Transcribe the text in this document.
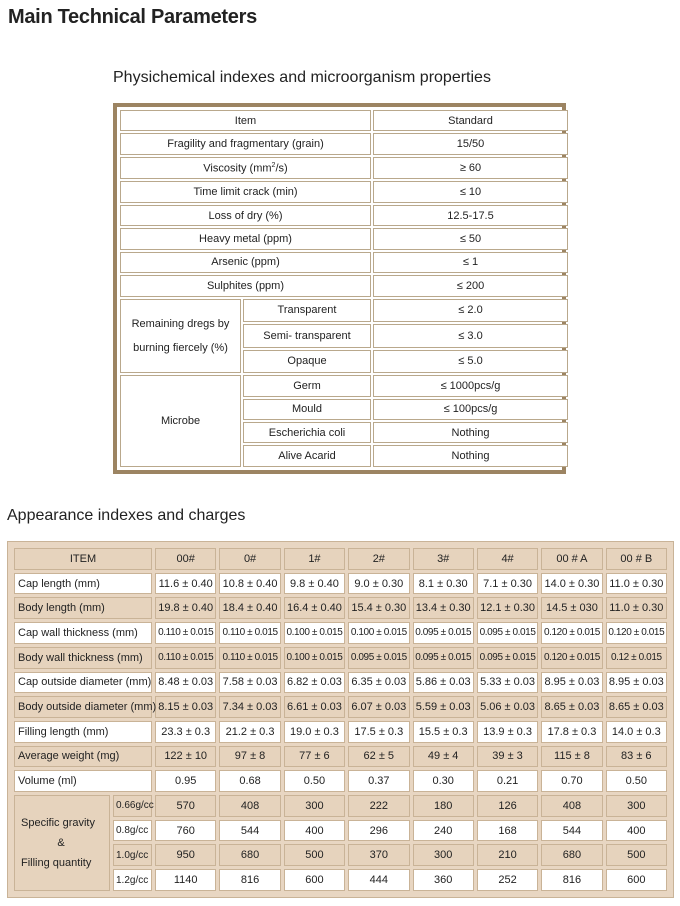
Main Technical Parameters
Physichemical indexes and microorganism properties
Item		Standard
Fragility and fragmentary (grain)		15/50
Viscosity $(mm^2/s)$		≥ 60
Time limit crack (min)		≤ 10
Loss of dry (%)		12.5-17.5
Heavy metal (ppm)		≤ 50
Arsenic (ppm)		≤ 1
Sulphites (ppm)		≤ 200
Remaining dregs by
burning fiercely (%)	Transparent	≤ 2.0
	Semi- transparent	≤ 3.0
	Opaque	≤ 5.0
Microbe	Germ	≤ 1000pcs/g
	Mould	≤ 100pcs/g
	Escherichia coli	Nothing
	Alive Acarid	Nothing
Appearance indexes and charges
ITEM		00#	0#	1#	2#	3#	4#	00 # A	00 # B
Cap length (mm)		11.6 ± 0.40	10.8 ± 0.40	9.8 ± 0.40	9.0 ± 0.30	8.1 ± 0.30	7.1 ± 0.30	14.0 ± 0.30	11.0 ± 0.30
Body length (mm)		19.8 ± 0.40	18.4 ± 0.40	16.4 ± 0.40	15.4 ± 0.30	13.4 ± 0.30	12.1 ± 0.30	14.5 ± 030	11.0 ± 0.30
Cap wall thickness (mm)		0.110 ± 0.015	0.110 ± 0.015	0.100 ± 0.015	0.100 ± 0.015	0.095 ± 0.015	0.095 ± 0.015	0.120 ± 0.015	0.120 ± 0.015
Body wall thickness (mm)		0.110 ± 0.015	0.110 ± 0.015	0.100 ± 0.015	0.095 ± 0.015	0.095 ± 0.015	0.095 ± 0.015	0.120 ± 0.015	0.12 ± 0.015
Cap outside diameter (mm)		8.48 ± 0.03	7.58 ± 0.03	6.82 ± 0.03	6.35 ± 0.03	5.86 ± 0.03	5.33 ± 0.03	8.95 ± 0.03	8.95 ± 0.03
Body outside diameter (mm)		8.15 ± 0.03	7.34 ± 0.03	6.61 ± 0.03	6.07 ± 0.03	5.59 ± 0.03	5.06 ± 0.03	8.65 ± 0.03	8.65 ± 0.03
Filling length (mm)		23.3 ± 0.3	21.2 ± 0.3	19.0 ± 0.3	17.5 ± 0.3	15.5 ± 0.3	13.9 ± 0.3	17.8 ± 0.3	14.0 ± 0.3
Average weight (mg)		122 ± 10	97 ± 8	77 ± 6	62 ± 5	49 ± 4	39 ± 3	115 ± 8	83 ± 6
Volume (ml)		0.95	0.68	0.50	0.37	0.30	0.21	0.70	0.50
Specific gravity
&
Filling quantity	0.66g/cc	570	408	300	222	180	126	408	300
	0.8g/cc	760	544	400	296	240	168	544	400
	1.0g/cc	950	680	500	370	300	210	680	500
	1.2g/cc	1140	816	600	444	360	252	816	600
